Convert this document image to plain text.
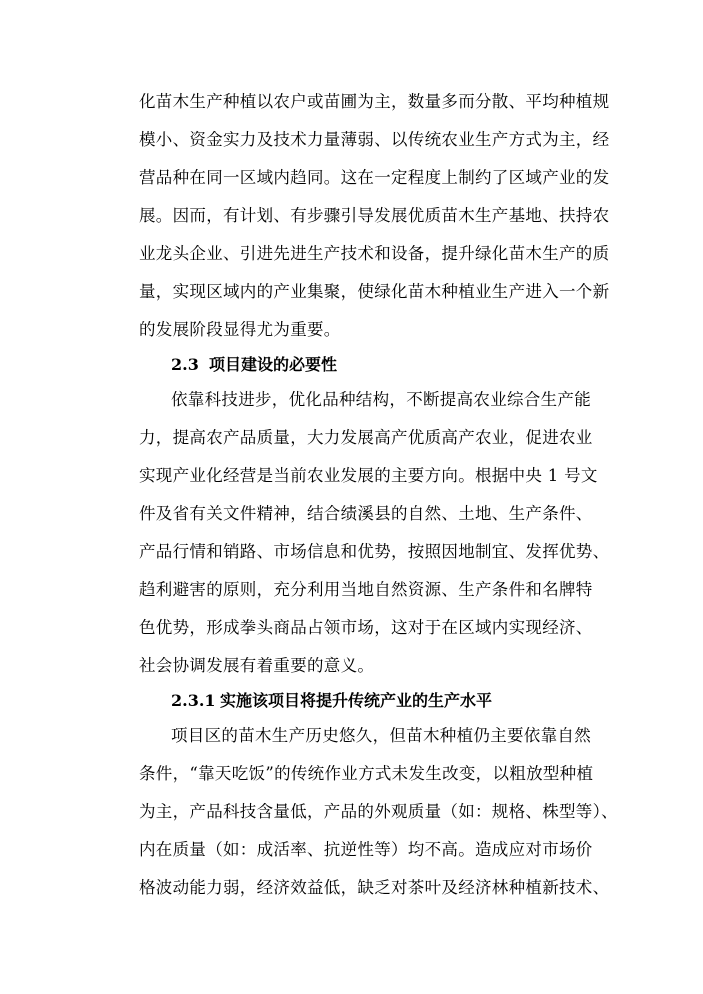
化苗木生产种植以农户或苗圃为主，数量多而分散、平均种植规
模小、资金实力及技术力量薄弱、以传统农业生产方式为主，经
营品种在同一区域内趋同。这在一定程度上制约了区域产业的发
展。因而，有计划、有步骤引导发展优质苗木生产基地、扶持农
业龙头企业、引进先进生产技术和设备，提升绿化苗木生产的质
量，实现区域内的产业集聚，使绿化苗木种植业生产进入一个新
的发展阶段显得尤为重要。
2.3 项目建设的必要性
依靠科技进步，优化品种结构，不断提高农业综合生产能
力，提高农产品质量，大力发展高产优质高产农业，促进农业
实现产业化经营是当前农业发展的主要方向。根据中央 1 号文
件及省有关文件精神，结合绩溪县的自然、土地、生产条件、
产品行情和销路、市场信息和优势，按照因地制宜、发挥优势、
趋利避害的原则，充分利用当地自然资源、生产条件和名牌特
色优势，形成拳头商品占领市场，这对于在区域内实现经济、
社会协调发展有着重要的意义。
2.3.1 实施该项目将提升传统产业的生产水平
项目区的苗木生产历史悠久，但苗木种植仍主要依靠自然
条件，“靠天吃饭”的传统作业方式未发生改变，以粗放型种植
为主，产品科技含量低，产品的外观质量（如：规格、株型等）、
内在质量（如：成活率、抗逆性等）均不高。造成应对市场价
格波动能力弱，经济效益低，缺乏对茶叶及经济林种植新技术、
